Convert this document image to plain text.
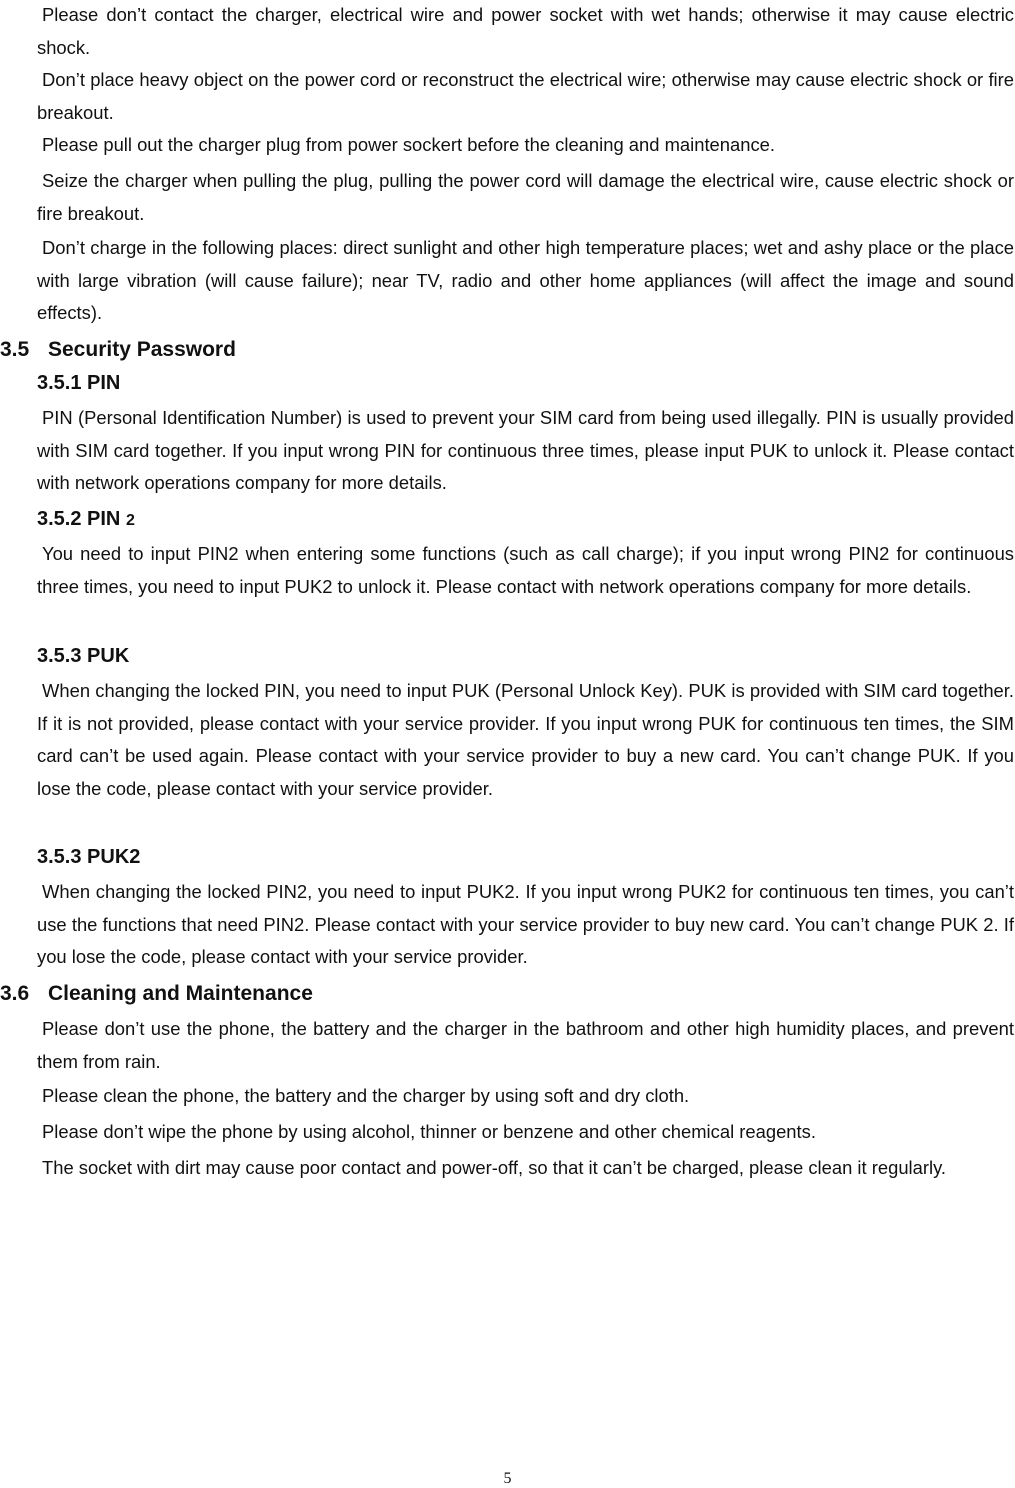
Please don’t contact the charger, electrical wire and power socket with wet hands; otherwise it may cause electric shock.

Don’t place heavy object on the power cord or reconstruct the electrical wire; otherwise may cause electric shock or fire breakout.

Please pull out the charger plug from power sockert before the cleaning and maintenance.

Seize the charger when pulling the plug, pulling the power cord will damage the electrical wire, cause electric shock or fire breakout.

Don’t charge in the following places: direct sunlight and other high temperature places; wet and ashy place or the place with large vibration (will cause failure); near TV, radio and other home appliances (will affect the image and sound effects).

3.5 Security Password
3.5.1 PIN

PIN (Personal Identification Number) is used to prevent your SIM card from being used illegally. PIN is usually provided with SIM card together. If you input wrong PIN for continuous three times, please input PUK to unlock it. Please contact with network operations company for more details.

3.5.2 PIN 2

You need to input PIN2 when entering some functions (such as call charge); if you input wrong PIN2 for continuous three times, you need to input PUK2 to unlock it. Please contact with network operations company for more details.

3.5.3 PUK

When changing the locked PIN, you need to input PUK (Personal Unlock Key). PUK is provided with SIM card together. If it is not provided, please contact with your service provider. If you input wrong PUK for continuous ten times, the SIM card can’t be used again. Please contact with your service provider to buy a new card. You can’t change PUK. If you lose the code, please contact with your service provider.

3.5.3 PUK2

When changing the locked PIN2, you need to input PUK2. If you input wrong PUK2 for continuous ten times, you can’t use the functions that need PIN2. Please contact with your service provider to buy new card. You can’t change PUK 2. If you lose the code, please contact with your service provider.

3.6 Cleaning and Maintenance

Please don’t use the phone, the battery and the charger in the bathroom and other high humidity places, and prevent them from rain.

Please clean the phone, the battery and the charger by using soft and dry cloth.

Please don’t wipe the phone by using alcohol, thinner or benzene and other chemical reagents.

The socket with dirt may cause poor contact and power-off, so that it can’t be charged, please clean it regularly.

5
